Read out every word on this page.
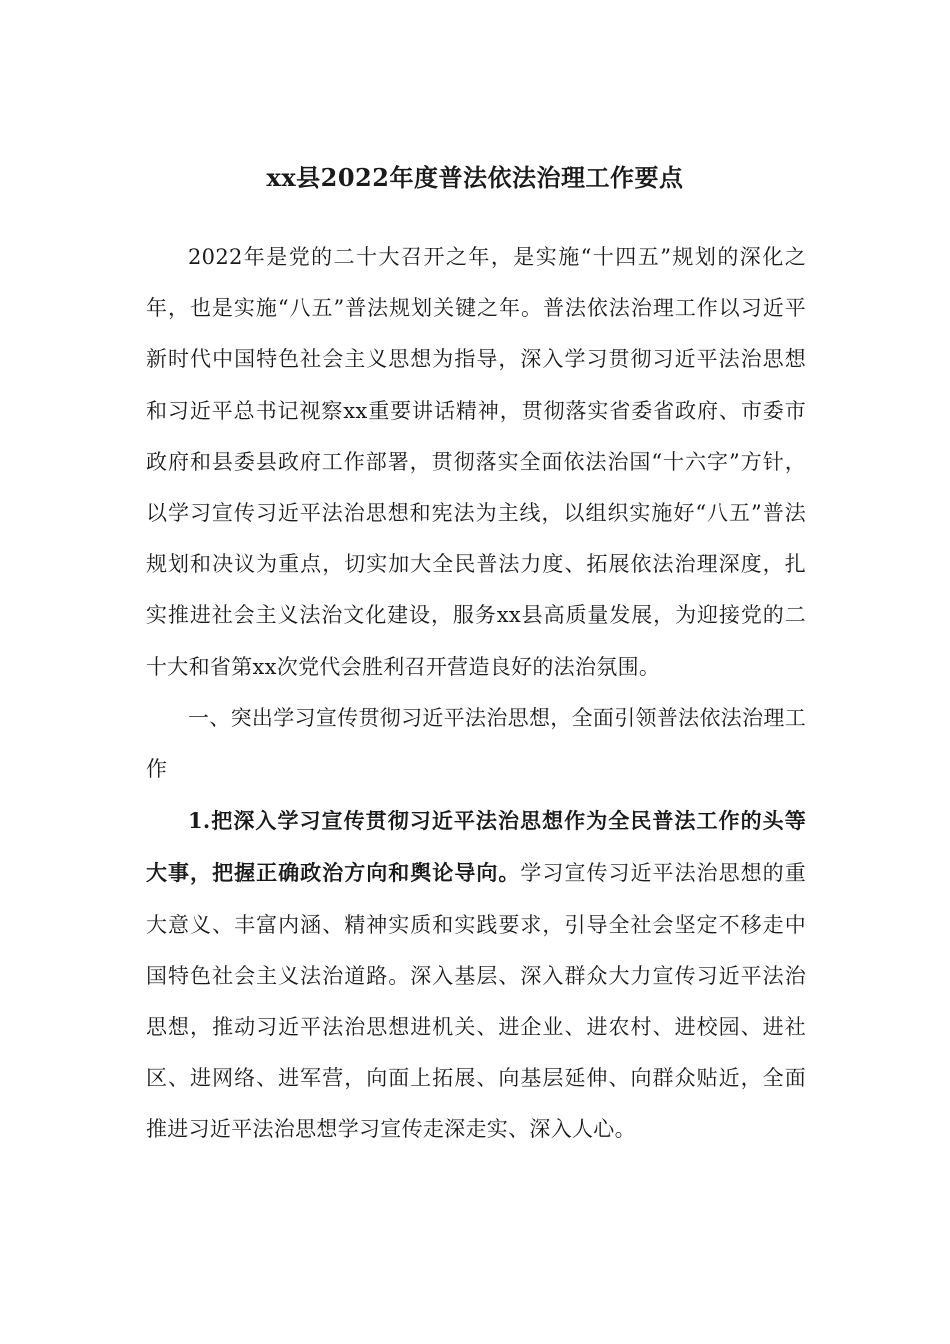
xx县2022年度普法依法治理工作要点

2022年是党的二十大召开之年，是实施“十四五”规划的深化之年，也是实施“八五”普法规划关键之年。普法依法治理工作以习近平新时代中国特色社会主义思想为指导，深入学习贯彻习近平法治思想和习近平总书记视察xx重要讲话精神，贯彻落实省委省政府、市委市政府和县委县政府工作部署，贯彻落实全面依法治国“十六字”方针，以学习宣传习近平法治思想和宪法为主线，以组织实施好“八五”普法规划和决议为重点，切实加大全民普法力度、拓展依法治理深度，扎实推进社会主义法治文化建设，服务xx县高质量发展，为迎接党的二十大和省第xx次党代会胜利召开营造良好的法治氛围。

一、突出学习宣传贯彻习近平法治思想，全面引领普法依法治理工作

1.把深入学习宣传贯彻习近平法治思想作为全民普法工作的头等大事，把握正确政治方向和舆论导向。学习宣传习近平法治思想的重大意义、丰富内涵、精神实质和实践要求，引导全社会坚定不移走中国特色社会主义法治道路。深入基层、深入群众大力宣传习近平法治思想，推动习近平法治思想进机关、进企业、进农村、进校园、进社区、进网络、进军营，向面上拓展、向基层延伸、向群众贴近，全面推进习近平法治思想学习宣传走深走实、深入人心。
